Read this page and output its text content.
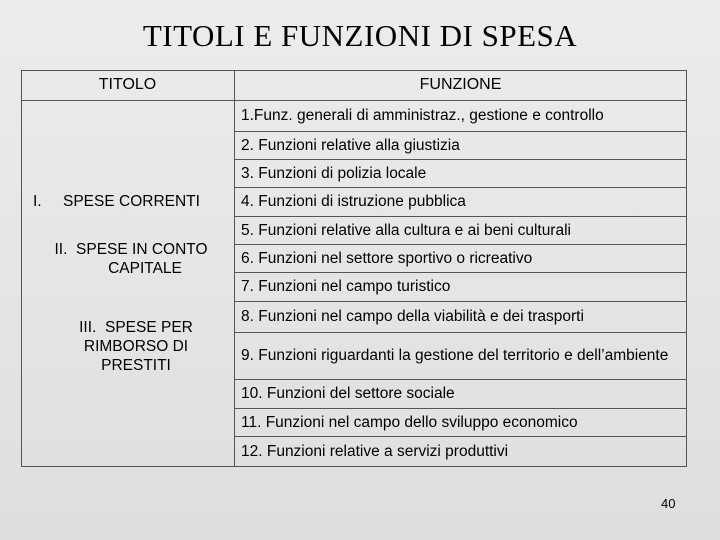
TITOLI E FUNZIONI DI SPESA
TITOLO	FUNZIONE
1.Funz. generali di amministraz., gestione e controllo
2. Funzioni relative alla giustizia
3. Funzioni di polizia locale
4. Funzioni di istruzione pubblica
5. Funzioni relative alla cultura e ai beni culturali
6. Funzioni nel settore sportivo o ricreativo
7. Funzioni nel campo turistico
8. Funzioni nel campo della viabilità e dei trasporti
9. Funzioni riguardanti la gestione del territorio e dell’ambiente
10. Funzioni del settore sociale
11. Funzioni nel campo dello sviluppo economico
12. Funzioni relative a servizi produttivi
I. SPESE CORRENTI
II. SPESE IN CONTO
CAPITALE
III. SPESE PER
RIMBORSO DI
PRESTITI
40
